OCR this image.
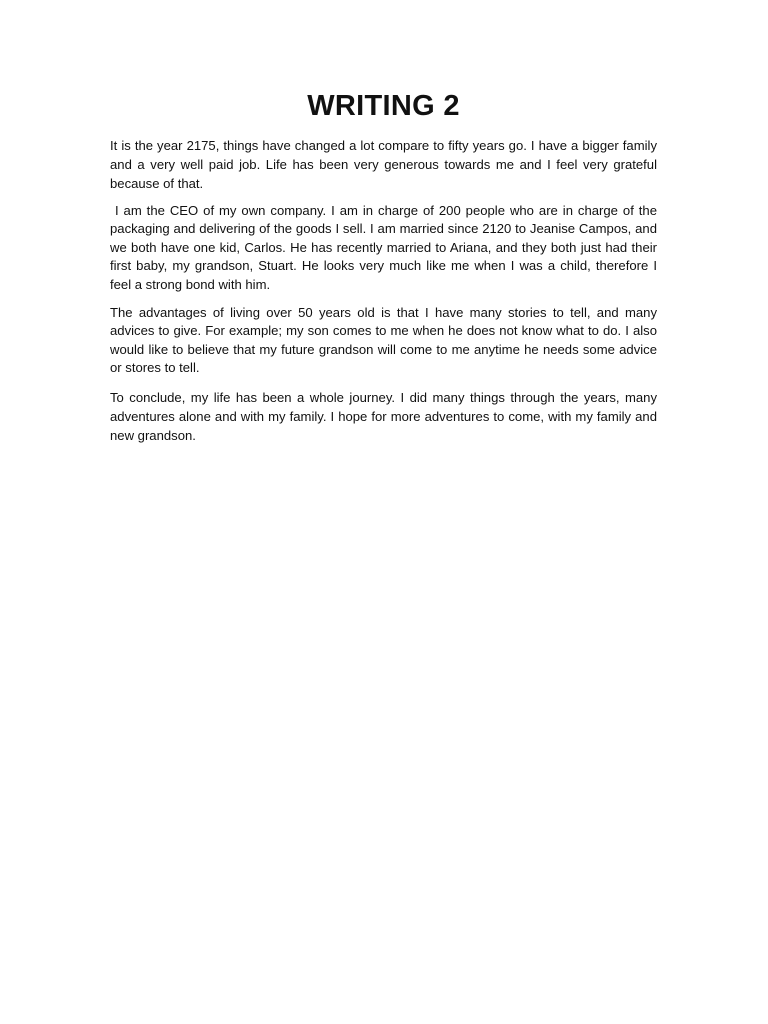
WRITING 2

It is the year 2175, things have changed a lot compare to fifty years go. I have a bigger family and a very well paid job. Life has been very generous towards me and I feel very grateful because of that.

I am the CEO of my own company. I am in charge of 200 people who are in charge of the packaging and delivering of the goods I sell. I am married since 2120 to Jeanise Campos, and we both have one kid, Carlos. He has recently married to Ariana, and they both just had their first baby, my grandson, Stuart. He looks very much like me when I was a child, therefore I feel a strong bond with him.

The advantages of living over 50 years old is that I have many stories to tell, and many advices to give. For example; my son comes to me when he does not know what to do. I also would like to believe that my future grandson will come to me anytime he needs some advice or stores to tell.

To conclude, my life has been a whole journey. I did many things through the years, many adventures alone and with my family. I hope for more adventures to come, with my family and new grandson.
